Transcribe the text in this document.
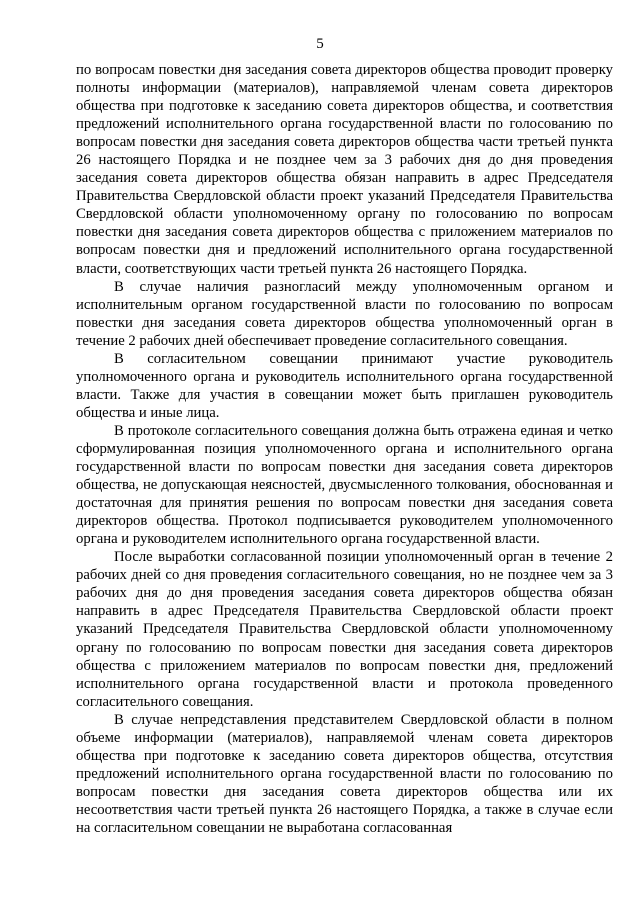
5

по вопросам повестки дня заседания совета директоров общества проводит проверку полноты информации (материалов), направляемой членам совета директоров общества при подготовке к заседанию совета директоров общества, и соответствия предложений исполнительного органа государственной власти по голосованию по вопросам повестки дня заседания совета директоров общества части третьей пункта 26 настоящего Порядка и не позднее чем за 3 рабочих дня до дня проведения заседания совета директоров общества обязан направить в адрес Председателя Правительства Свердловской области проект указаний Председателя Правительства Свердловской области уполномоченному органу по голосованию по вопросам повестки дня заседания совета директоров общества с приложением материалов по вопросам повестки дня и предложений исполнительного органа государственной власти, соответствующих части третьей пункта 26 настоящего Порядка.

В случае наличия разногласий между уполномоченным органом и исполнительным органом государственной власти по голосованию по вопросам повестки дня заседания совета директоров общества уполномоченный орган в течение 2 рабочих дней обеспечивает проведение согласительного совещания.

В согласительном совещании принимают участие руководитель уполномоченного органа и руководитель исполнительного органа государственной власти. Также для участия в совещании может быть приглашен руководитель общества и иные лица.

В протоколе согласительного совещания должна быть отражена единая и четко сформулированная позиция уполномоченного органа и исполнительного органа государственной власти по вопросам повестки дня заседания совета директоров общества, не допускающая неясностей, двусмысленного толкования, обоснованная и достаточная для принятия решения по вопросам повестки дня заседания совета директоров общества. Протокол подписывается руководителем уполномоченного органа и руководителем исполнительного органа государственной власти.

После выработки согласованной позиции уполномоченный орган в течение 2 рабочих дней со дня проведения согласительного совещания, но не позднее чем за 3 рабочих дня до дня проведения заседания совета директоров общества обязан направить в адрес Председателя Правительства Свердловской области проект указаний Председателя Правительства Свердловской области уполномоченному органу по голосованию по вопросам повестки дня заседания совета директоров общества с приложением материалов по вопросам повестки дня, предложений исполнительного органа государственной власти и протокола проведенного согласительного совещания.

В случае непредставления представителем Свердловской области в полном объеме информации (материалов), направляемой членам совета директоров общества при подготовке к заседанию совета директоров общества, отсутствия предложений исполнительного органа государственной власти по голосованию по вопросам повестки дня заседания совета директоров общества или их несоответствия части третьей пункта 26 настоящего Порядка, а также в случае если на согласительном совещании не выработана согласованная
